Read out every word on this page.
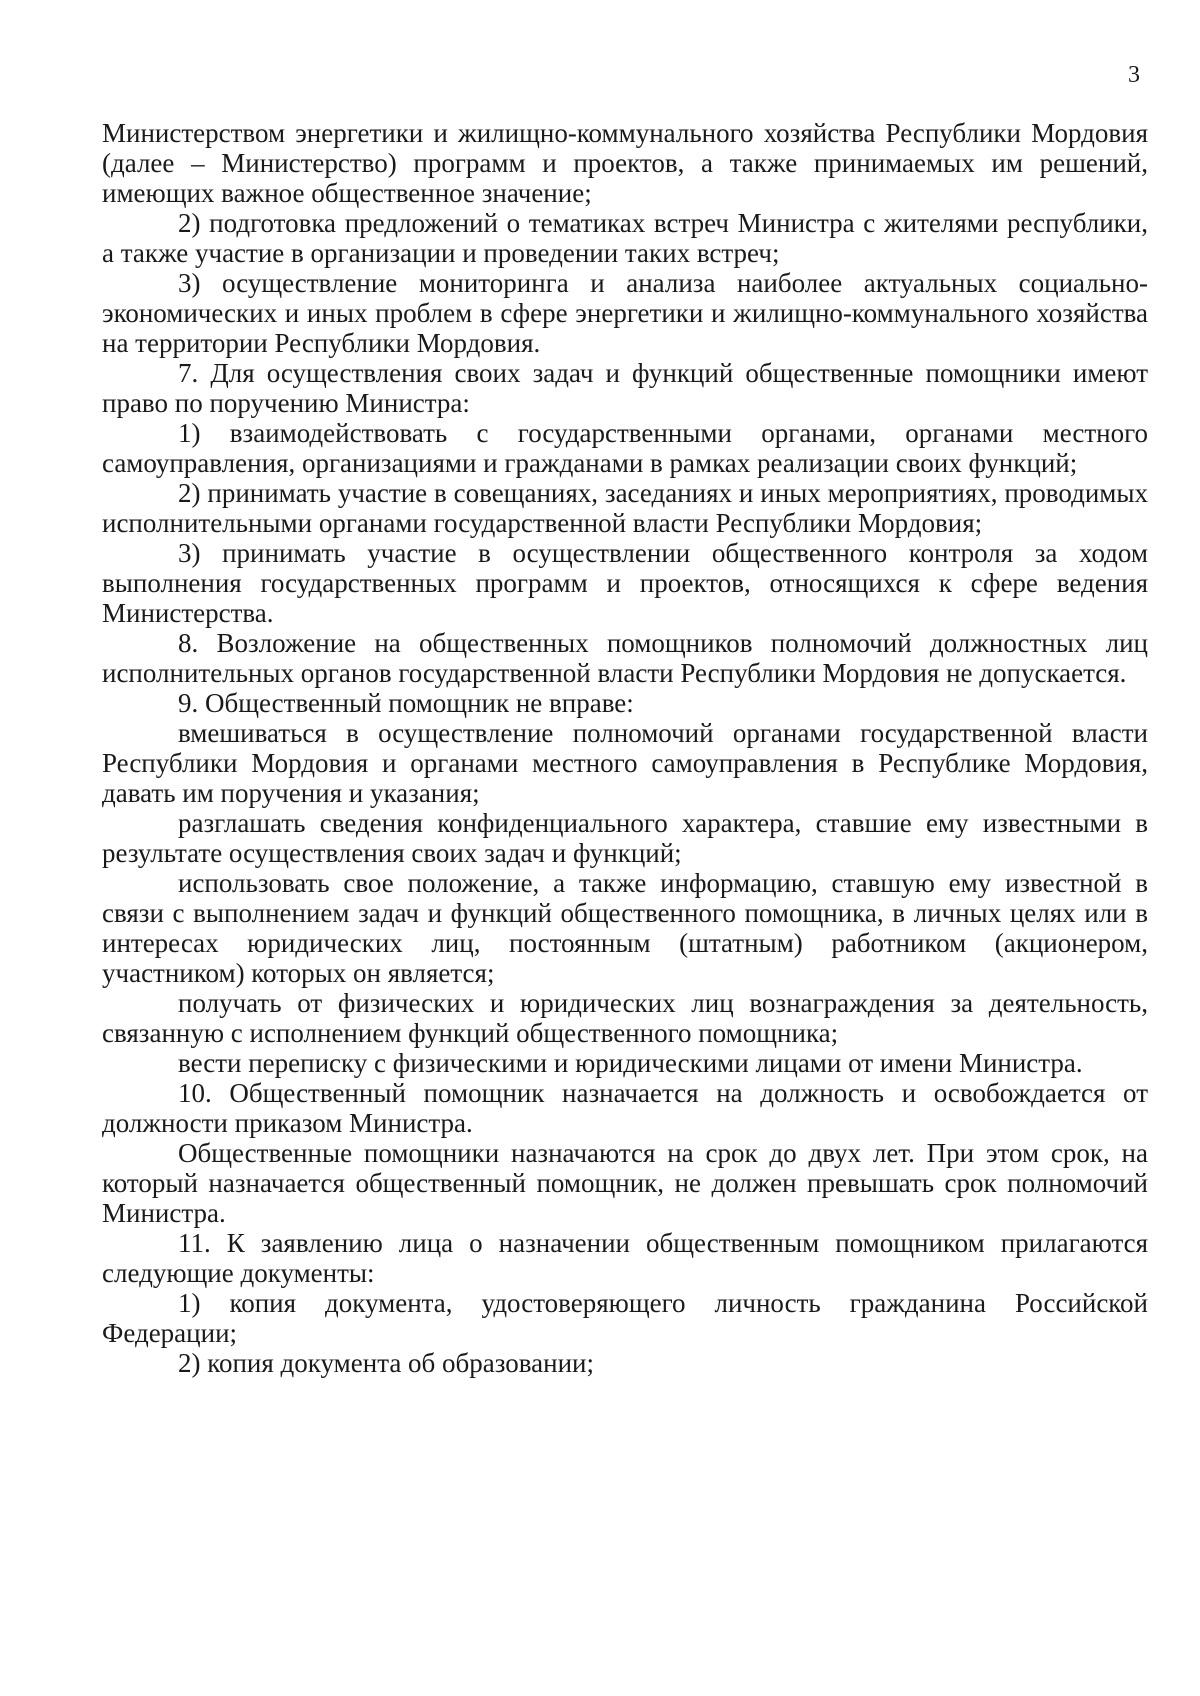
3

Министерством энергетики и жилищно-коммунального хозяйства Республики Мордовия (далее – Министерство) программ и проектов, а также принимаемых им решений, имеющих важное общественное значение;

2) подготовка предложений о тематиках встреч Министра с жителями республики, а также участие в организации и проведении таких встреч;

3) осуществление мониторинга и анализа наиболее актуальных социально-экономических и иных проблем в сфере энергетики и жилищно-коммунального хозяйства на территории Республики Мордовия.

7. Для осуществления своих задач и функций общественные помощники имеют право по поручению Министра:

1) взаимодействовать с государственными органами, органами местного самоуправления, организациями и гражданами в рамках реализации своих функций;

2) принимать участие в совещаниях, заседаниях и иных мероприятиях, проводимых исполнительными органами государственной власти Республики Мордовия;

3) принимать участие в осуществлении общественного контроля за ходом выполнения государственных программ и проектов, относящихся к сфере ведения Министерства.

8. Возложение на общественных помощников полномочий должностных лиц исполнительных органов государственной власти Республики Мордовия не допускается.

9. Общественный помощник не вправе:

вмешиваться в осуществление полномочий органами государственной власти Республики Мордовия и органами местного самоуправления в Республике Мордовия, давать им поручения и указания;

разглашать сведения конфиденциального характера, ставшие ему известными в результате осуществления своих задач и функций;

использовать свое положение, а также информацию, ставшую ему известной в связи с выполнением задач и функций общественного помощника, в личных целях или в интересах юридических лиц, постоянным (штатным) работником (акционером, участником) которых он является;

получать от физических и юридических лиц вознаграждения за деятельность, связанную с исполнением функций общественного помощника;

вести переписку с физическими и юридическими лицами от имени Министра.

10. Общественный помощник назначается на должность и освобождается от должности приказом Министра.

Общественные помощники назначаются на срок до двух лет. При этом срок, на который назначается общественный помощник, не должен превышать срок полномочий Министра.

11. К заявлению лица о назначении общественным помощником прилагаются следующие документы:

1) копия документа, удостоверяющего личность гражданина Российской Федерации;

2) копия документа об образовании;
